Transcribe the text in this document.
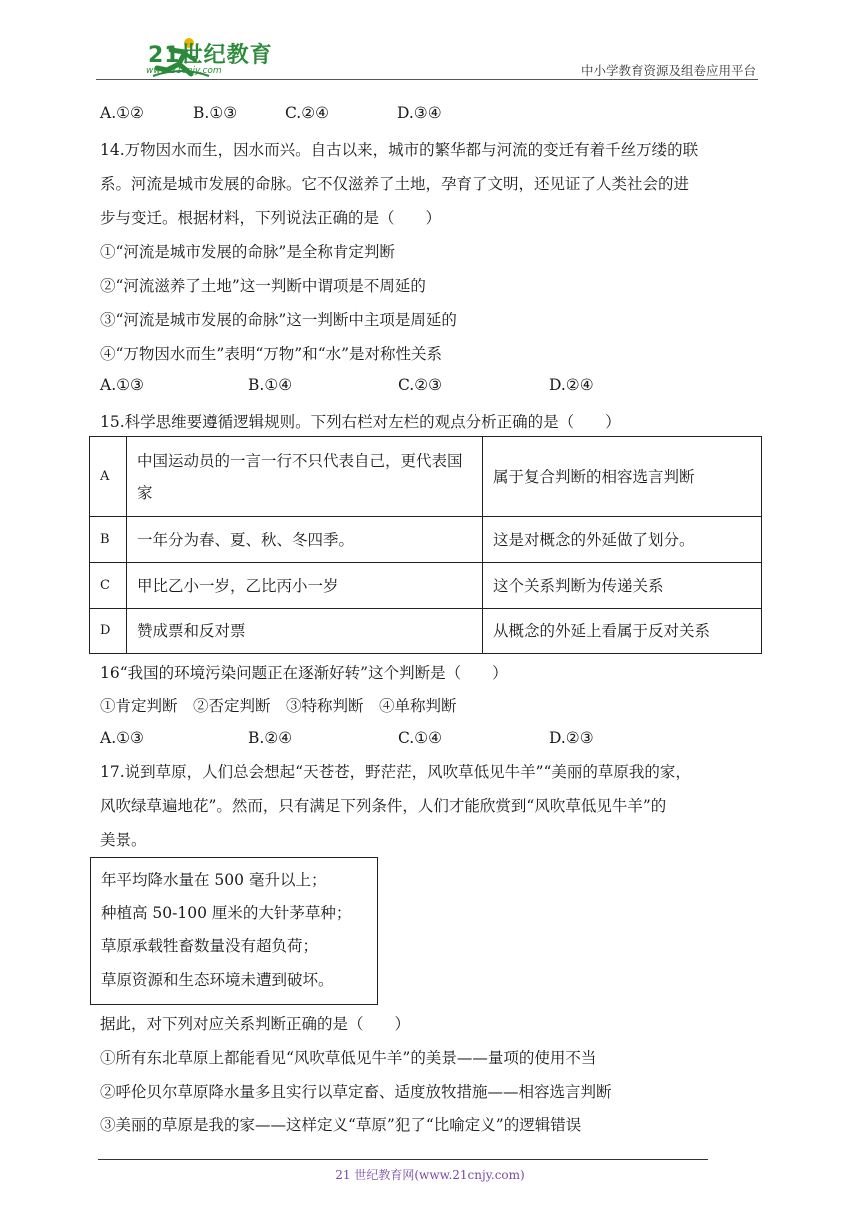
21世纪教育
www.21cnjy.com	中小学教育资源及组卷应用平台
A.①②	B.①③	C.②④	D.③④
14.万物因水而生，因水而兴。自古以来，城市的繁华都与河流的变迁有着千丝万缕的联
系。河流是城市发展的命脉。它不仅滋养了土地，孕育了文明，还见证了人类社会的进
步与变迁。根据材料，下列说法正确的是（　　）
①“河流是城市发展的命脉”是全称肯定判断
②“河流滋养了土地”这一判断中谓项是不周延的
③“河流是城市发展的命脉”这一判断中主项是周延的
④“万物因水而生”表明“万物”和“水”是对称性关系
A.①③	B.①④	C.②③	D.②④
15.科学思维要遵循逻辑规则。下列右栏对左栏的观点分析正确的是（　　）
A	中国运动员的一言一行不只代表自己，更代表国家	属于复合判断的相容选言判断
B	一年分为春、夏、秋、冬四季。	这是对概念的外延做了划分。
C	甲比乙小一岁，乙比丙小一岁	这个关系判断为传递关系
D	赞成票和反对票	从概念的外延上看属于反对关系
16“我国的环境污染问题正在逐渐好转”这个判断是（　　）
①肯定判断　②否定判断　③特称判断　④单称判断
A.①③	B.②④	C.①④	D.②③
17.说到草原，人们总会想起“天苍苍，野茫茫，风吹草低见牛羊”“美丽的草原我的家，
风吹绿草遍地花”。然而，只有满足下列条件，人们才能欣赏到“风吹草低见牛羊”的
美景。
年平均降水量在 500 毫升以上；
种植高 50-100 厘米的大针茅草种；
草原承载牲畜数量没有超负荷；
草原资源和生态环境未遭到破坏。
据此，对下列对应关系判断正确的是（　　）
①所有东北草原上都能看见“风吹草低见牛羊”的美景——量项的使用不当
②呼伦贝尔草原降水量多且实行以草定畜、适度放牧措施——相容选言判断
③美丽的草原是我的家——这样定义“草原”犯了“比喻定义”的逻辑错误
21 世纪教育网(www.21cnjy.com)
